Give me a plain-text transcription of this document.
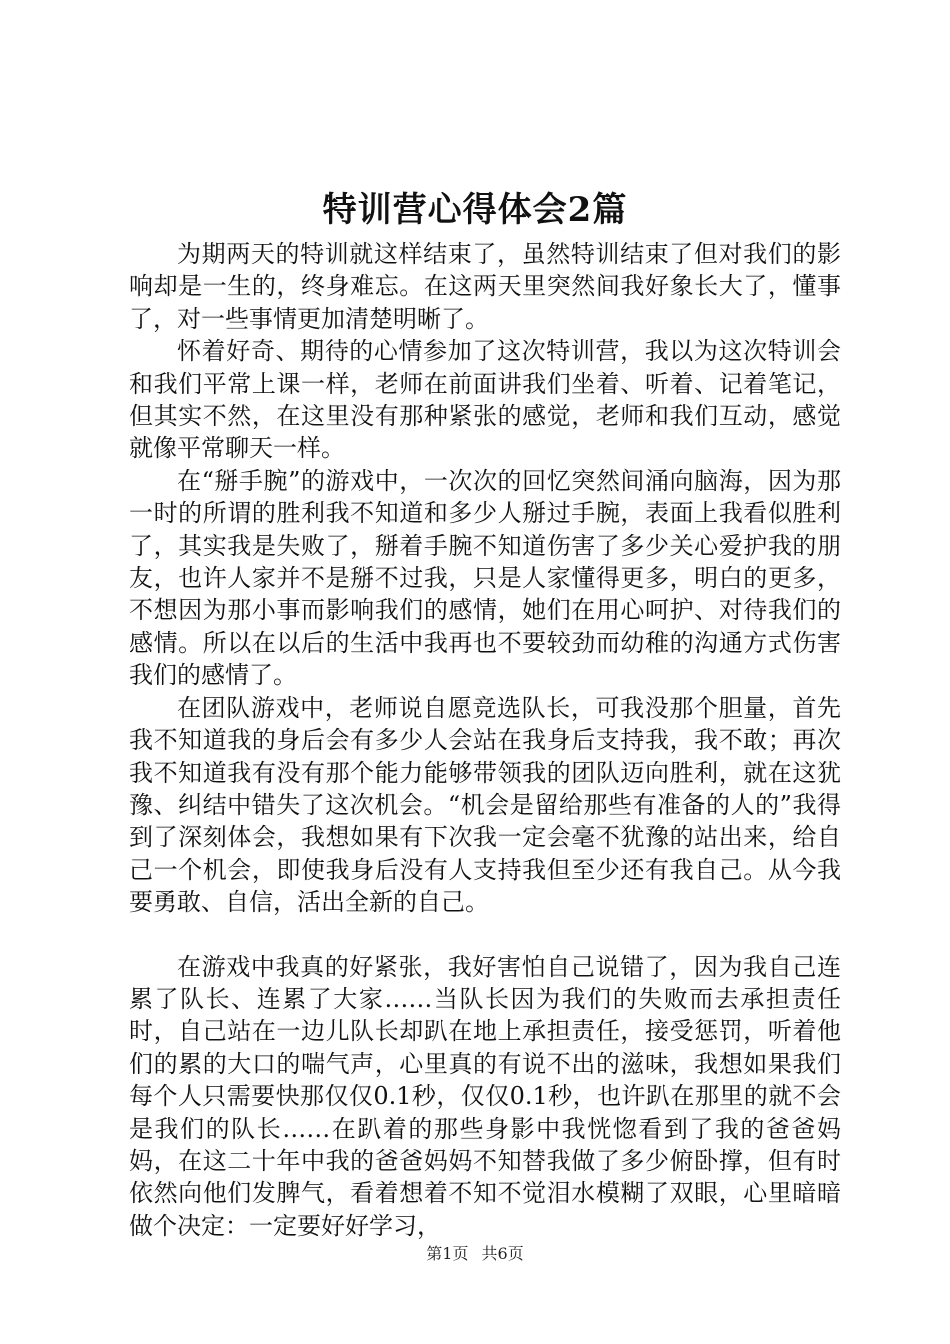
特训营心得体会2篇

为期两天的特训就这样结束了，虽然特训结束了但对我们的影响却是一生的，终身难忘。在这两天里突然间我好象长大了，懂事了，对一些事情更加清楚明晰了。

怀着好奇、期待的心情参加了这次特训营，我以为这次特训会和我们平常上课一样，老师在前面讲我们坐着、听着、记着笔记，但其实不然，在这里没有那种紧张的感觉，老师和我们互动，感觉就像平常聊天一样。

在“掰手腕”的游戏中，一次次的回忆突然间涌向脑海，因为那一时的所谓的胜利我不知道和多少人掰过手腕，表面上我看似胜利了，其实我是失败了，掰着手腕不知道伤害了多少关心爱护我的朋友，也许人家并不是掰不过我，只是人家懂得更多，明白的更多，不想因为那小事而影响我们的感情，她们在用心呵护、对待我们的感情。所以在以后的生活中我再也不要较劲而幼稚的沟通方式伤害我们的感情了。

在团队游戏中，老师说自愿竞选队长，可我没那个胆量，首先我不知道我的身后会有多少人会站在我身后支持我，我不敢；再次我不知道我有没有那个能力能够带领我的团队迈向胜利，就在这犹豫、纠结中错失了这次机会。“机会是留给那些有准备的人的”我得到了深刻体会，我想如果有下次我一定会毫不犹豫的站出来，给自己一个机会，即使我身后没有人支持我但至少还有我自己。从今我要勇敢、自信，活出全新的自己。

在游戏中我真的好紧张，我好害怕自己说错了，因为我自己连累了队长、连累了大家……当队长因为我们的失败而去承担责任时，自己站在一边儿队长却趴在地上承担责任，接受惩罚，听着他们的累的大口的喘气声，心里真的有说不出的滋味，我想如果我们每个人只需要快那仅仅0.1秒，仅仅0.1秒，也许趴在那里的就不会是我们的队长……在趴着的那些身影中我恍惚看到了我的爸爸妈妈，在这二十年中我的爸爸妈妈不知替我做了多少俯卧撑，但有时依然向他们发脾气，看着想着不知不觉泪水模糊了双眼，心里暗暗做个决定：一定要好好学习，

第1页 共6页
